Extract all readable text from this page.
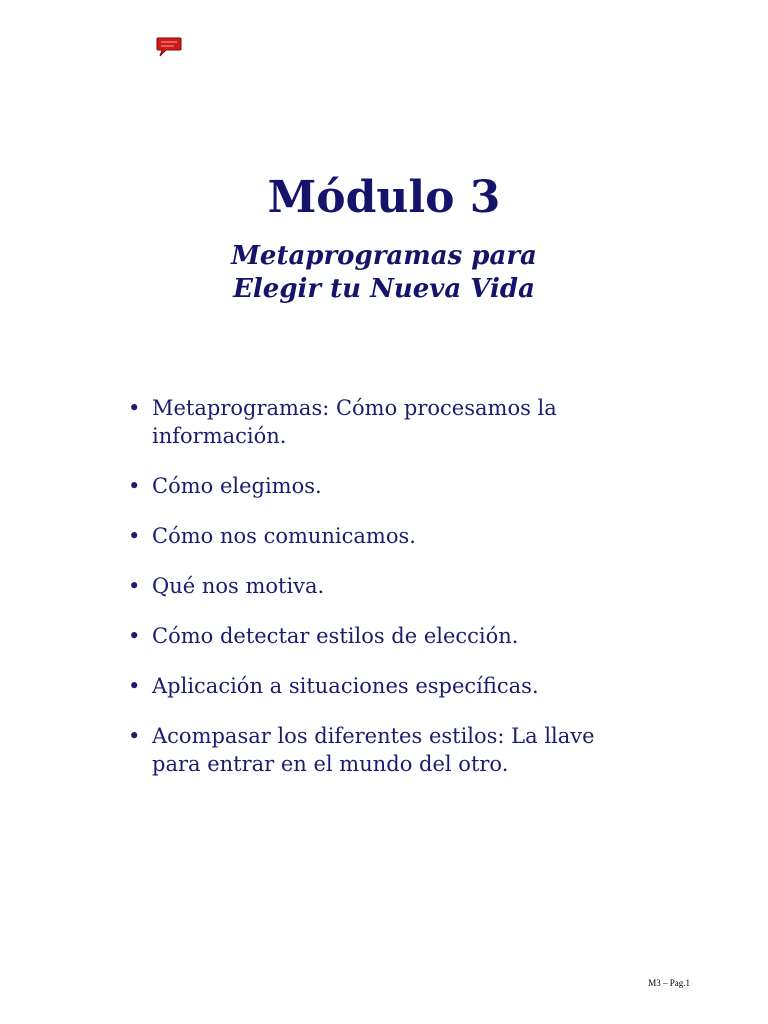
Módulo 3
Metaprogramas para
Elegir tu Nueva Vida
• Metaprogramas: Cómo procesamos la
información.
• Cómo elegimos.
• Cómo nos comunicamos.
• Qué nos motiva.
• Cómo detectar estilos de elección.
• Aplicación a situaciones específicas.
• Acompasar los diferentes estilos: La llave
para entrar en el mundo del otro.
M3 – Pag.1
